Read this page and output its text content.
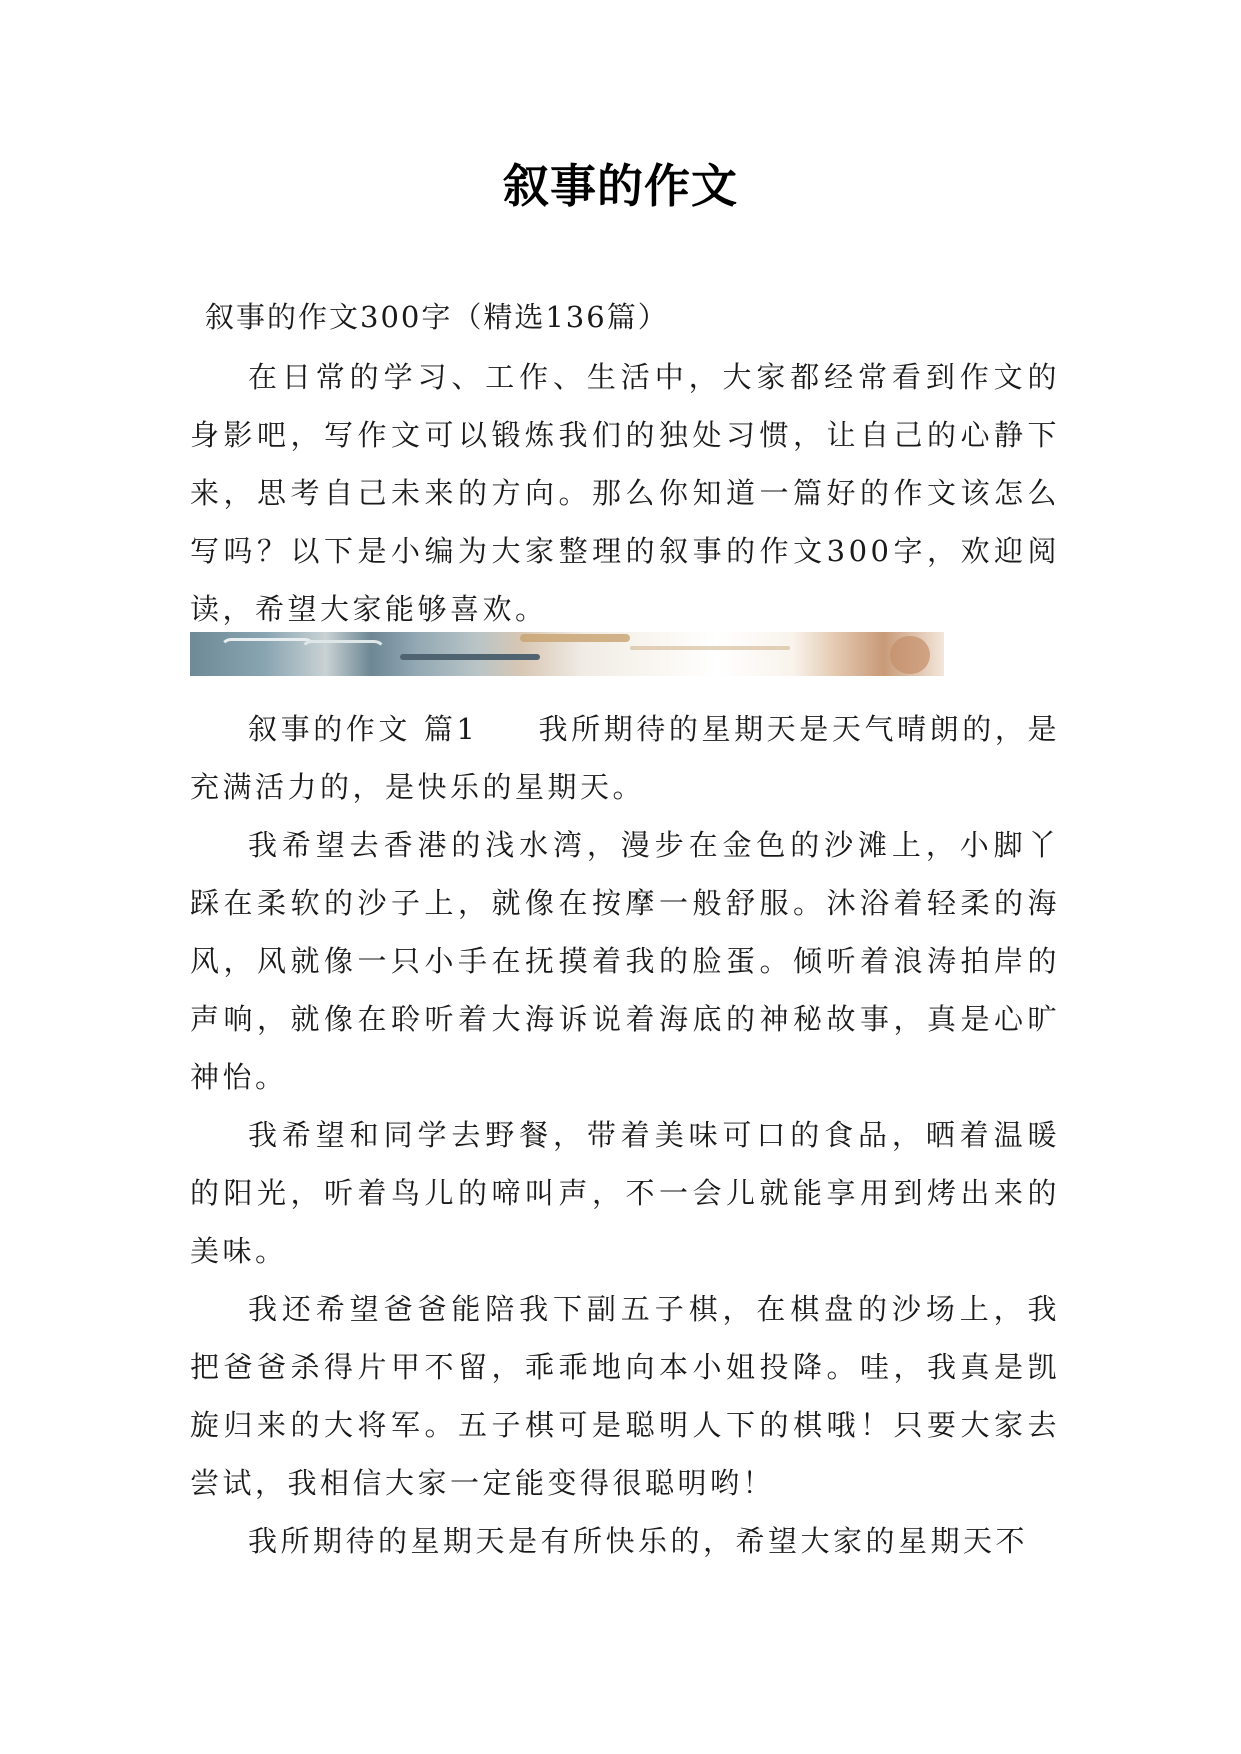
叙事的作文
叙事的作文300字（精选136篇）

在日常的学习、工作、生活中，大家都经常看到作文的身影吧，写作文可以锻炼我们的独处习惯，让自己的心静下来，思考自己未来的方向。那么你知道一篇好的作文该怎么写吗？以下是小编为大家整理的叙事的作文300字，欢迎阅读，希望大家能够喜欢。

叙事的作文 篇1 我所期待的星期天是天气晴朗的，是充满活力的，是快乐的星期天。

我希望去香港的浅水湾，漫步在金色的沙滩上，小脚丫踩在柔软的沙子上，就像在按摩一般舒服。沐浴着轻柔的海风，风就像一只小手在抚摸着我的脸蛋。倾听着浪涛拍岸的声响，就像在聆听着大海诉说着海底的神秘故事，真是心旷神怡。

我希望和同学去野餐，带着美味可口的食品，晒着温暖的阳光，听着鸟儿的啼叫声，不一会儿就能享用到烤出来的美味。

我还希望爸爸能陪我下副五子棋，在棋盘的沙场上，我把爸爸杀得片甲不留，乖乖地向本小姐投降。哇，我真是凯旋归来的大将军。五子棋可是聪明人下的棋哦！只要大家去尝试，我相信大家一定能变得很聪明哟！

我所期待的星期天是有所快乐的，希望大家的星期天不
